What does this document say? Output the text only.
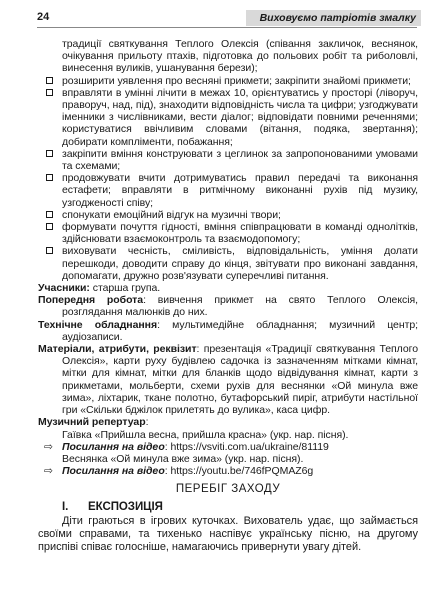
24	Виховуємо патріотів змалку
традиції святкування Теплого Олексія (співання закличок, веснянок, очікування прильоту птахів, підготовка до польових робіт та риболовлі, винесення вуликів, ушанування берези);
розширити уявлення про весняні прикмети; закріпити знайомі прикмети;
вправляти в умінні лічити в межах 10, орієнтуватись у просторі (ліворуч, праворуч, над, під), знаходити відповідність числа та цифри; узгоджувати іменники з числівниками, вести діалог; відповідати повними реченнями; користуватися ввічливим словами (вітання, подяка, звертання); добирати компліменти, побажання;
закріпити вміння конструювати з цеглинок за запропонованими умовами та схемами;
продовжувати вчити дотримуватись правил передачі та виконання естафети; вправляти в ритмічному виконанні рухів під музику, узгодженості співу;
спонукати емоційний відгук на музичні твори;
формувати почуття гідності, вміння співпрацювати в команді однолітків, здійснювати взаємоконтроль та взаємодопомогу;
виховувати чесність, сміливість, відповідальність, уміння долати перешкоди, доводити справу до кінця, звітувати про виконані завдання, допомагати, дружно розв'язувати суперечливі питання.
Учасники: старша група.
Попередня робота: вивчення прикмет на свято Теплого Олексія, розглядання малюнків до них.
Технічне обладнання: мультимедійне обладнання; музичний центр; аудіозаписи.
Матеріали, атрибути, реквізит: презентація «Традиції святкування Теплого Олексія», карти руху будівлею садочка із зазначенням мітками кімнат, мітки для кімнат, мітки для бланків щодо відвідування кімнат, карти з прикметами, мольберти, схеми рухів для веснянки «Ой минула вже зима», ліхтарик, ткане полотно, бутафорський пиріг, атрибути настільної гри «Скільки бджілок прилетять до вулика», каса цифр.
Музичний репертуар:
Гаївка «Прийшла весна, прийшла красна» (укр. нар. пісня).
⇨ Посилання на відео: https://vsviti.com.ua/ukraine/81119
Веснянка «Ой минула вже зима» (укр. нар. пісня).
⇨ Посилання на відео: https://youtu.be/746fPQMAZ6g
ПЕРЕБІГ ЗАХОДУ
I. ЕКСПОЗИЦІЯ
Діти граються в ігрових куточках. Вихователь удає, що займається своїми справами, та тихенько наспівує українську пісню, на другому приспіві співає голосніше, намагаючись привернути увагу дітей.
